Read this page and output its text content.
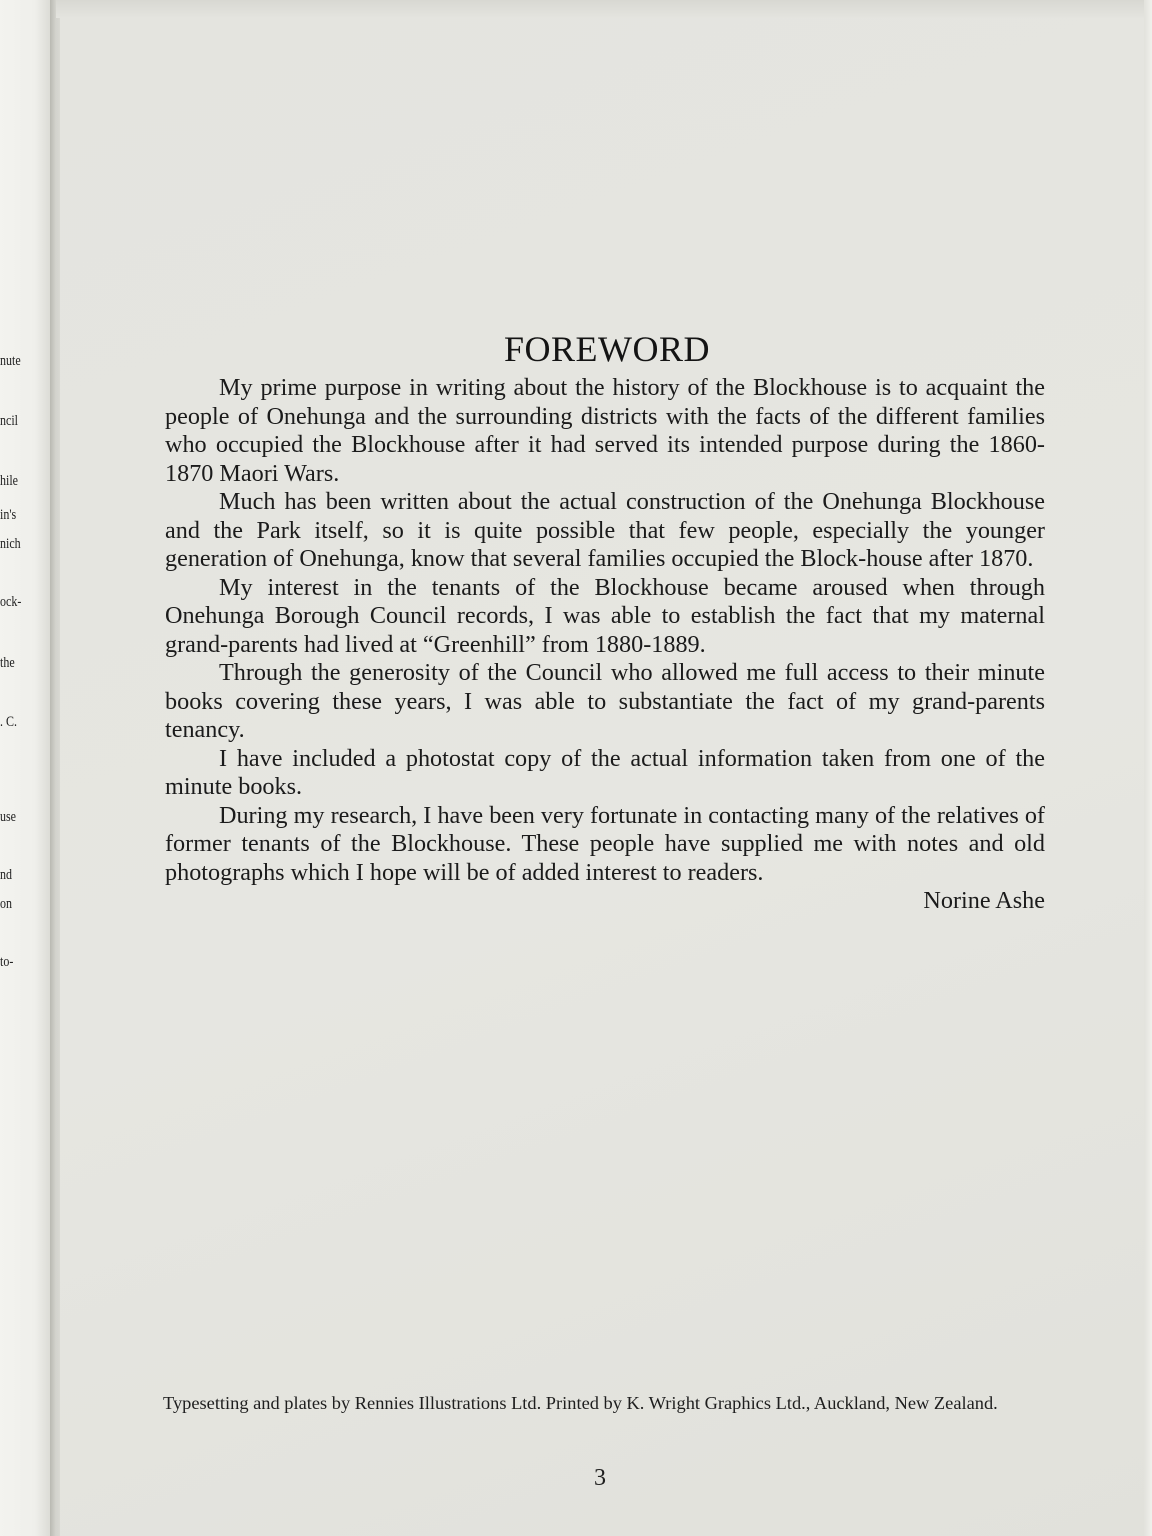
nute
ncil
hile
in's
nich
ock-
the
. C.
use
nd
on
to-
FOREWORD

My prime purpose in writing about the history of the Blockhouse is to acquaint the people of Onehunga and the surrounding districts with the facts of the different families who occupied the Blockhouse after it had served its intended purpose during the 1860-1870 Maori Wars.

Much has been written about the actual construction of the Onehunga Blockhouse and the Park itself, so it is quite possible that few people, especially the younger generation of Onehunga, know that several families occupied the Block-house after 1870.

My interest in the tenants of the Blockhouse became aroused when through Onehunga Borough Council records, I was able to establish the fact that my maternal grand-parents had lived at “Greenhill” from 1880-1889.

Through the generosity of the Council who allowed me full access to their minute books covering these years, I was able to substantiate the fact of my grand-parents tenancy.

I have included a photostat copy of the actual information taken from one of the minute books.

During my research, I have been very fortunate in contacting many of the relatives of former tenants of the Blockhouse. These people have supplied me with notes and old photographs which I hope will be of added interest to readers.

Norine Ashe

Typesetting and plates by Rennies Illustrations Ltd. Printed by K. Wright Graphics Ltd., Auckland, New Zealand.
3
